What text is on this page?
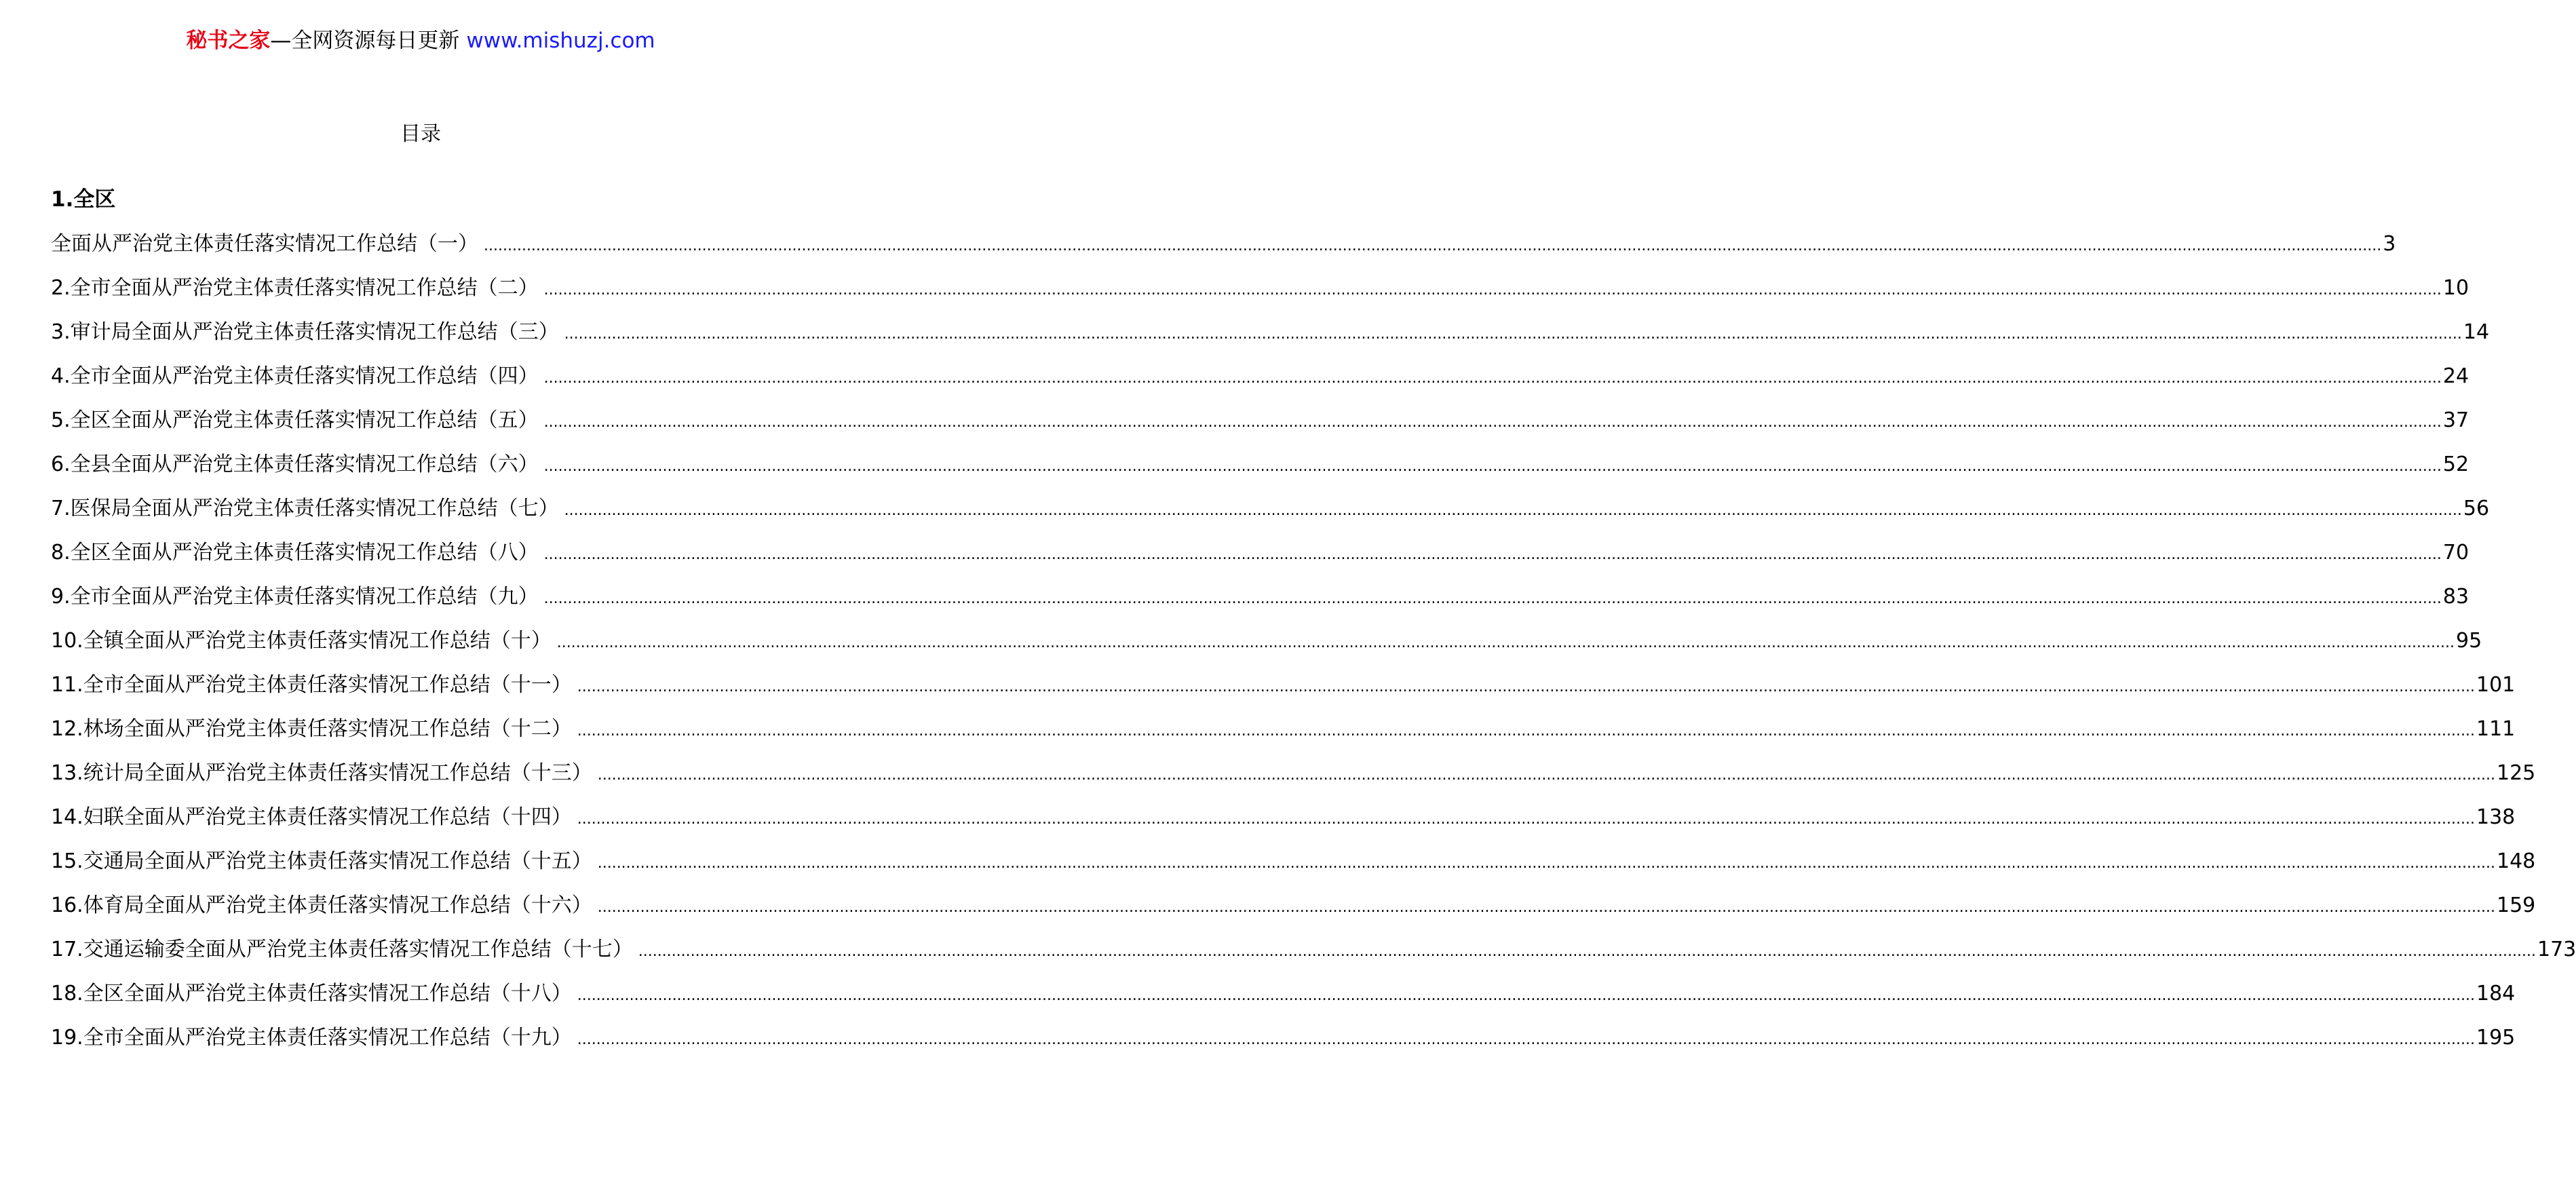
秘书之家—全网资源每日更新 www.mishuzj.com
目录
1.全区
全面从严治党主体责任落实情况工作总结（一） ................................................................................................................................................................................................................................................................................................................................................................................................................ 3
2.全市全面从严治党主体责任落实情况工作总结（二） ................................................................................................................................................................................................................................................................................................................................................................................................................ 10
3.审计局全面从严治党主体责任落实情况工作总结（三） ................................................................................................................................................................................................................................................................................................................................................................................................................ 14
4.全市全面从严治党主体责任落实情况工作总结（四） ................................................................................................................................................................................................................................................................................................................................................................................................................ 24
5.全区全面从严治党主体责任落实情况工作总结（五） ................................................................................................................................................................................................................................................................................................................................................................................................................ 37
6.全县全面从严治党主体责任落实情况工作总结（六） ................................................................................................................................................................................................................................................................................................................................................................................................................ 52
7.医保局全面从严治党主体责任落实情况工作总结（七） ................................................................................................................................................................................................................................................................................................................................................................................................................ 56
8.全区全面从严治党主体责任落实情况工作总结（八） ................................................................................................................................................................................................................................................................................................................................................................................................................ 70
9.全市全面从严治党主体责任落实情况工作总结（九） ................................................................................................................................................................................................................................................................................................................................................................................................................ 83
10.全镇全面从严治党主体责任落实情况工作总结（十） ................................................................................................................................................................................................................................................................................................................................................................................................................ 95
11.全市全面从严治党主体责任落实情况工作总结（十一） ................................................................................................................................................................................................................................................................................................................................................................................................................ 101
12.林场全面从严治党主体责任落实情况工作总结（十二） ................................................................................................................................................................................................................................................................................................................................................................................................................ 111
13.统计局全面从严治党主体责任落实情况工作总结（十三） ................................................................................................................................................................................................................................................................................................................................................................................................................ 125
14.妇联全面从严治党主体责任落实情况工作总结（十四） ................................................................................................................................................................................................................................................................................................................................................................................................................ 138
15.交通局全面从严治党主体责任落实情况工作总结（十五） ................................................................................................................................................................................................................................................................................................................................................................................................................ 148
16.体育局全面从严治党主体责任落实情况工作总结（十六） ................................................................................................................................................................................................................................................................................................................................................................................................................ 159
17.交通运输委全面从严治党主体责任落实情况工作总结（十七） ................................................................................................................................................................................................................................................................................................................................................................................................................ 173
18.全区全面从严治党主体责任落实情况工作总结（十八） ................................................................................................................................................................................................................................................................................................................................................................................................................ 184
19.全市全面从严治党主体责任落实情况工作总结（十九） ................................................................................................................................................................................................................................................................................................................................................................................................................ 195
